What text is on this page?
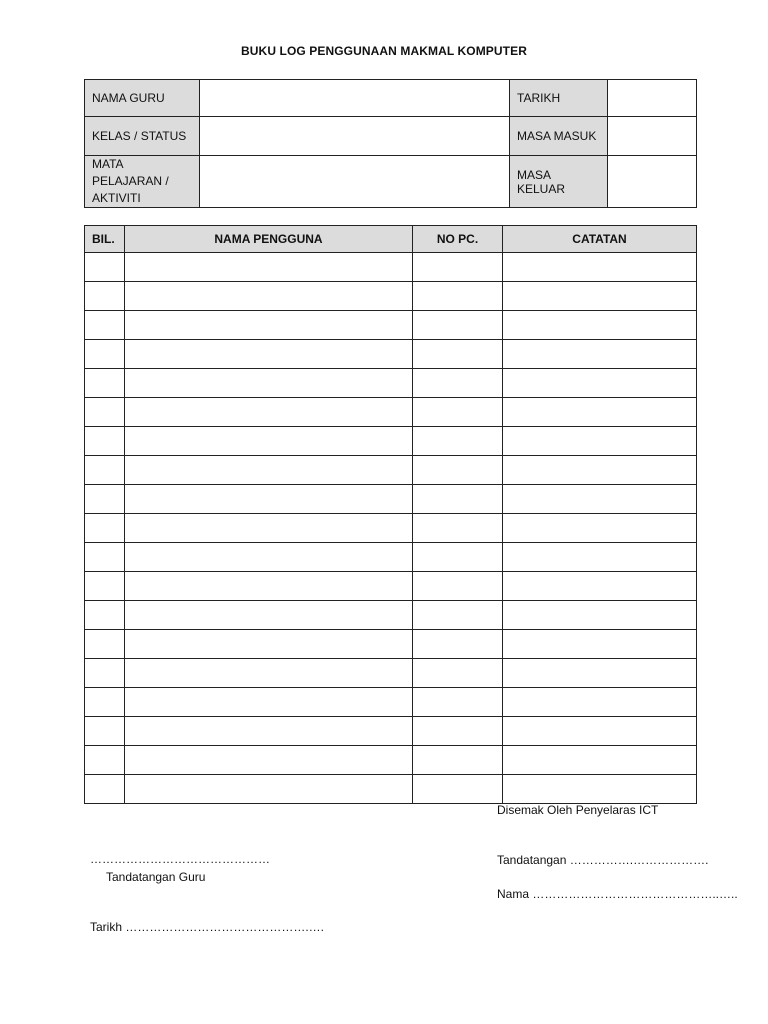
BUKU LOG PENGGUNAAN MAKMAL KOMPUTER
NAMA GURU		TARIKH	
KELAS / STATUS		MASA MASUK	

MATA
PELAJARAN /
AKTIVITI		MASA KELUAR	
BIL.	NAMA PENGGUNA	NO PC.	CATATAN

Disemak Oleh Penyelaras ICT
………………………………………
Tandatangan Guru
Tandatangan …………….……………….
Nama ………………………………………..…..
Tarikh ……………………………………….….
